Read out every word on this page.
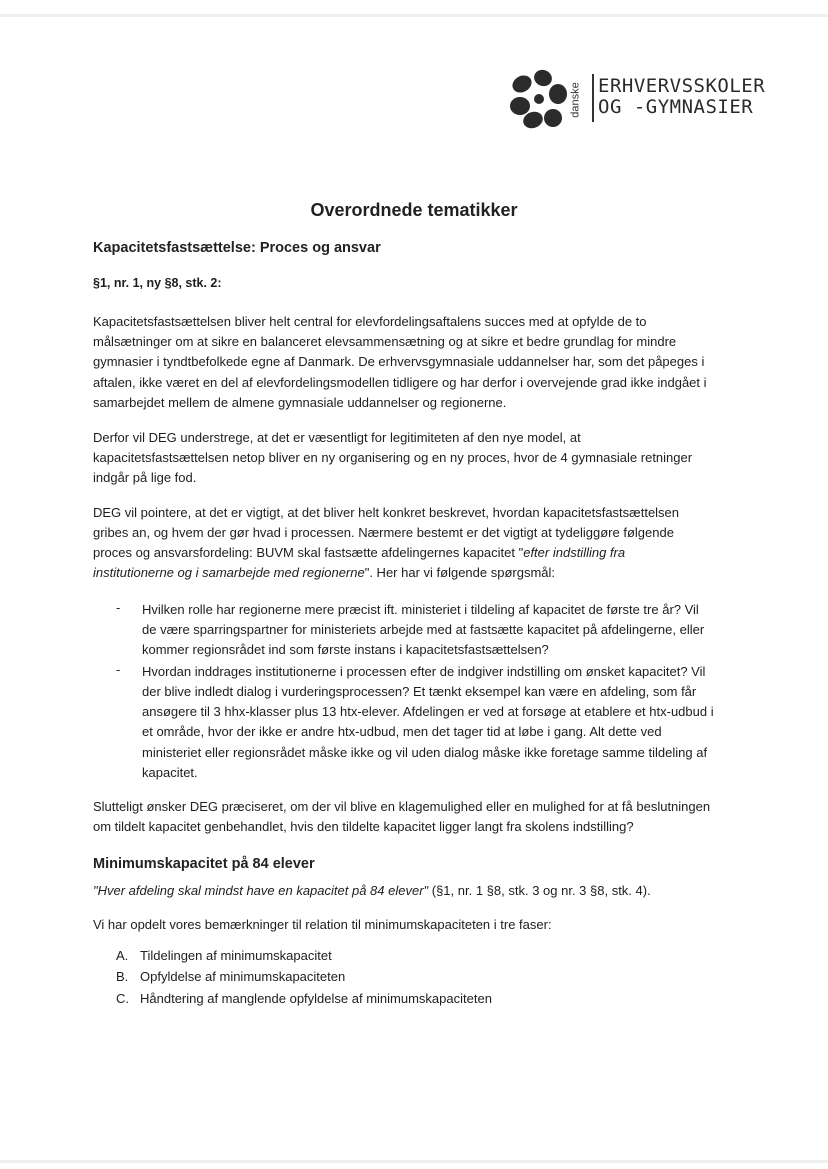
danske ERHVERVSSKOLER
OG -GYMNASIER
Overordnede tematikker
Kapacitetsfastsættelse: Proces og ansvar
§1, nr. 1, ny §8, stk. 2:
Kapacitetsfastsættelsen bliver helt central for elevfordelingsaftalens succes med at opfylde de to
målsætninger om at sikre en balanceret elevsammensætning og at sikre et bedre grundlag for mindre
gymnasier i tyndtbefolkede egne af Danmark. De erhvervsgymnasiale uddannelser har, som det påpeges i
aftalen, ikke været en del af elevfordelingsmodellen tidligere og har derfor i overvejende grad ikke indgået i
samarbejdet mellem de almene gymnasiale uddannelser og regionerne.
Derfor vil DEG understrege, at det er væsentligt for legitimiteten af den nye model, at
kapacitetsfastsættelsen netop bliver en ny organisering og en ny proces, hvor de 4 gymnasiale retninger
indgår på lige fod.
DEG vil pointere, at det er vigtigt, at det bliver helt konkret beskrevet, hvordan kapacitetsfastsættelsen
gribes an, og hvem der gør hvad i processen. Nærmere bestemt er det vigtigt at tydeliggøre følgende
proces og ansvarsfordeling: BUVM skal fastsætte afdelingernes kapacitet "efter indstilling fra
institutionerne og i samarbejde med regionerne". Her har vi følgende spørgsmål:
- Hvilken rolle har regionerne mere præcist ift. ministeriet i tildeling af kapacitet de første tre år? Vil
de være sparringspartner for ministeriets arbejde med at fastsætte kapacitet på afdelingerne, eller
kommer regionsrådet ind som første instans i kapacitetsfastsættelsen?
- Hvordan inddrages institutionerne i processen efter de indgiver indstilling om ønsket kapacitet? Vil
der blive indledt dialog i vurderingsprocessen? Et tænkt eksempel kan være en afdeling, som får
ansøgere til 3 hhx-klasser plus 13 htx-elever. Afdelingen er ved at forsøge at etablere et htx-udbud i
et område, hvor der ikke er andre htx-udbud, men det tager tid at løbe i gang. Alt dette ved
ministeriet eller regionsrådet måske ikke og vil uden dialog måske ikke foretage samme tildeling af
kapacitet.
Slutteligt ønsker DEG præciseret, om der vil blive en klagemulighed eller en mulighed for at få beslutningen
om tildelt kapacitet genbehandlet, hvis den tildelte kapacitet ligger langt fra skolens indstilling?
Minimumskapacitet på 84 elever
"Hver afdeling skal mindst have en kapacitet på 84 elever" (§1, nr. 1 §8, stk. 3 og nr. 3 §8, stk. 4).
Vi har opdelt vores bemærkninger til relation til minimumskapaciteten i tre faser:
A. Tildelingen af minimumskapacitet
B. Opfyldelse af minimumskapaciteten
C. Håndtering af manglende opfyldelse af minimumskapaciteten
